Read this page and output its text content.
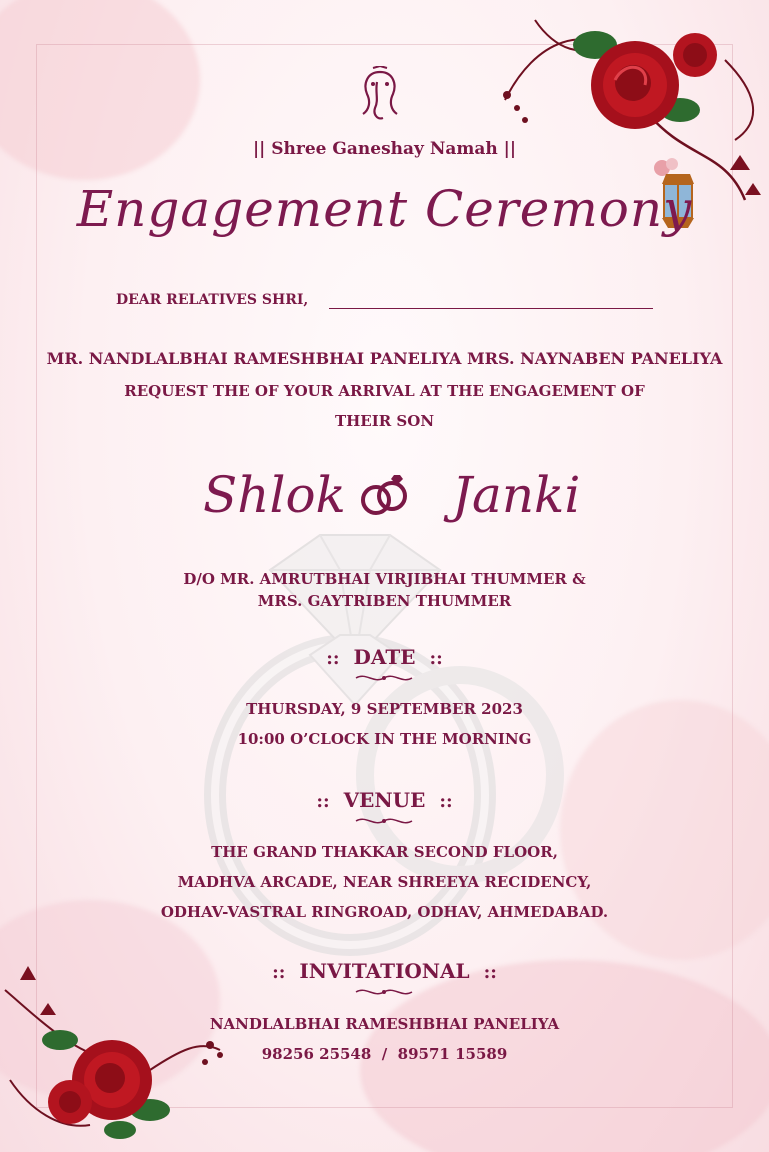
|| Shree Ganeshay Namah ||
Engagement Ceremony
DEAR RELATIVES SHRI,
MR. NANDLALBHAI RAMESHBHAI PANELIYA MRS. NAYNABEN PANELIYA
REQUEST THE OF YOUR ARRIVAL AT THE ENGAGEMENT OF
THEIR SON
Shlok Janki
D/O MR. AMRUTBHAI VIRJIBHAI THUMMER &
MRS. GAYTRIBEN THUMMER
:: DATE ::
THURSDAY, 9 SEPTEMBER 2023
10:00 O’CLOCK IN THE MORNING
:: VENUE ::
THE GRAND THAKKAR SECOND FLOOR,
MADHVA ARCADE, NEAR SHREEYA RECIDENCY,
ODHAV-VASTRAL RINGROAD, ODHAV, AHMEDABAD.
:: INVITATIONAL ::
NANDLALBHAI RAMESHBHAI PANELIYA
98256 25548  /  89571 15589
